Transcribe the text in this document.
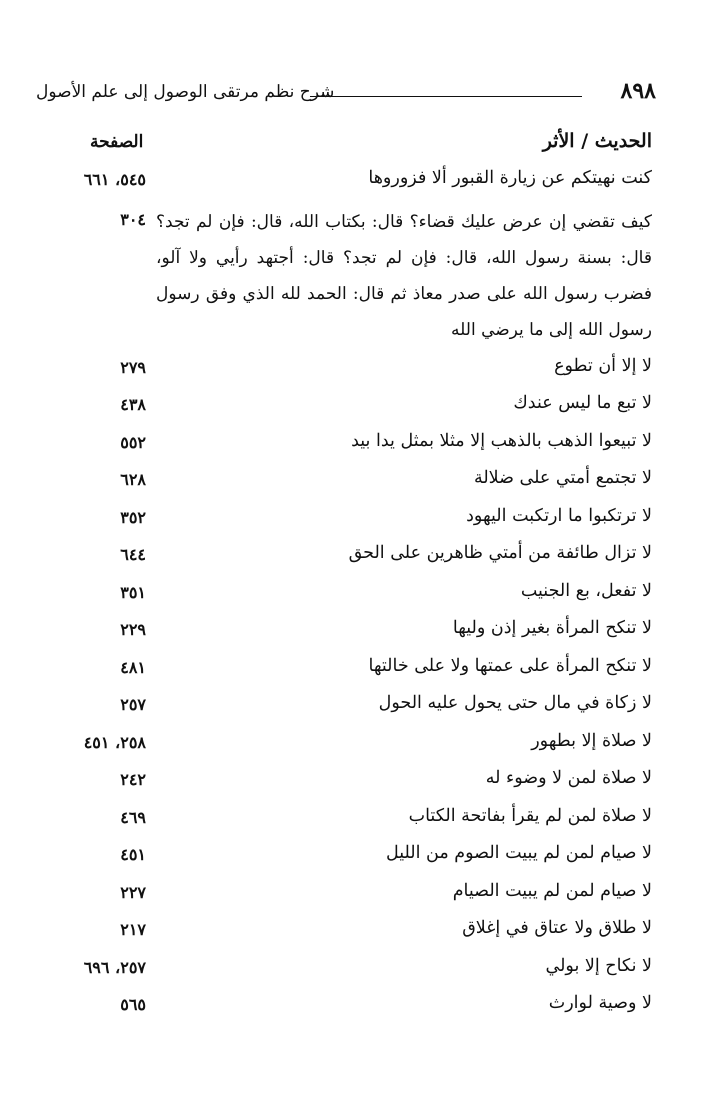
شرح نظم مرتقى الوصول إلى علم الأصول	٨٩٨
الحديث / الأثر
الصفحة
كنت نهيتكم عن زيارة القبور ألا فزوروها
٥٤٥، ٦٦١
كيف تقضي إن عرض عليك قضاء؟ قال: بكتاب الله، قال: فإن لم تجد؟ قال: بسنة رسول الله، قال: فإن لم تجد؟ قال: أجتهد رأيي ولا آلو، فضرب رسول الله على صدر معاذ ثم قال: الحمد لله الذي وفق رسول رسول الله إلى ما يرضي الله
٣٠٤
لا إلا أن تطوع
٢٧٩
لا تبع ما ليس عندك
٤٣٨
لا تبيعوا الذهب بالذهب إلا مثلا بمثل يدا بيد
٥٥٢
لا تجتمع أمتي على ضلالة
٦٢٨
لا ترتكبوا ما ارتكبت اليهود
٣٥٢
لا تزال طائفة من أمتي ظاهرين على الحق
٦٤٤
لا تفعل، بع الجنيب
٣٥١
لا تنكح المرأة بغير إذن وليها
٢٢٩
لا تنكح المرأة على عمتها ولا على خالتها
٤٨١
لا زكاة في مال حتى يحول عليه الحول
٢٥٧
لا صلاة إلا بطهور
٢٥٨، ٤٥١
لا صلاة لمن لا وضوء له
٢٤٢
لا صلاة لمن لم يقرأ بفاتحة الكتاب
٤٦٩
لا صيام لمن لم يبيت الصوم من الليل
٤٥١
لا صيام لمن لم يبيت الصيام
٢٢٧
لا طلاق ولا عتاق في إغلاق
٢١٧
لا نكاح إلا بولي
٢٥٧، ٦٩٦
لا وصية لوارث
٥٦٥
